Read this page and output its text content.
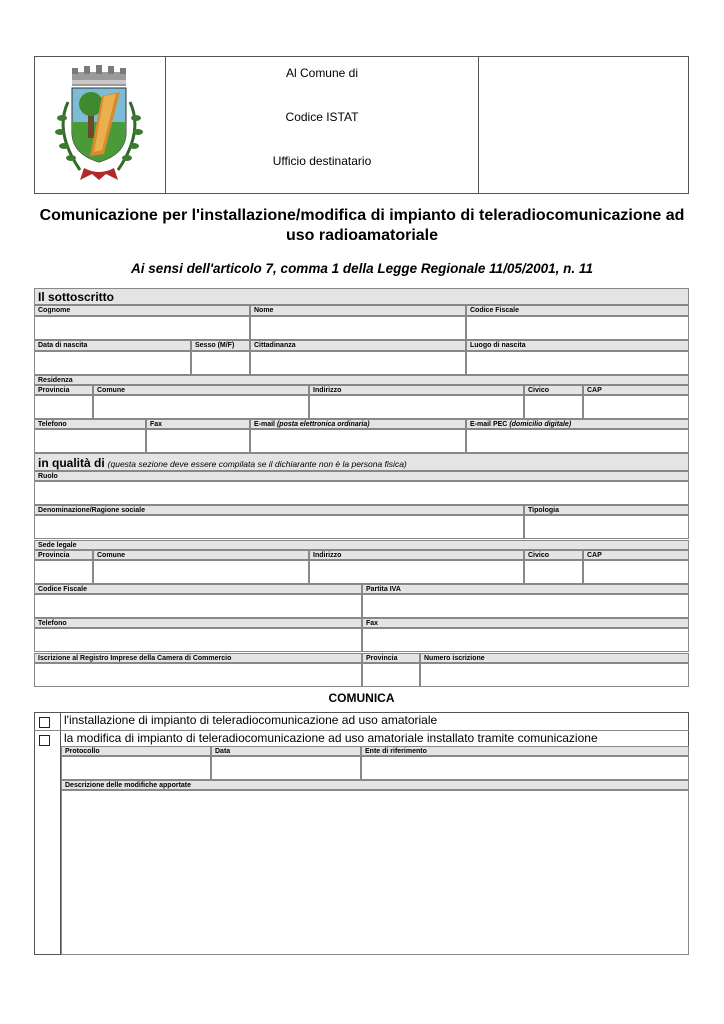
Al Comune di
Codice ISTAT
Ufficio destinatario
Comunicazione per l'installazione/modifica di impianto di teleradiocomunicazione ad uso radioamatoriale
Ai sensi dell'articolo 7, comma 1 della Legge Regionale 11/05/2001, n. 11
Il sottoscritto
Cognome	Nome	Codice Fiscale
Data di nascita	Sesso (M/F)	Cittadinanza	Luogo di nascita
Residenza
Provincia	Comune	Indirizzo	Civico	CAP
Telefono	Fax	E-mail (posta elettronica ordinaria)	E-mail PEC (domicilio digitale)
in qualità di (questa sezione deve essere compilata se il dichiarante non è la persona fisica)
Ruolo
Denominazione/Ragione sociale	Tipologia
Sede legale
Provincia	Comune	Indirizzo	Civico	CAP
Codice Fiscale	Partita IVA
Telefono	Fax
Iscrizione al Registro Imprese della Camera di Commercio	Provincia	Numero iscrizione
COMUNICA
l'installazione di impianto di teleradiocomunicazione ad uso amatoriale
la modifica di impianto di teleradiocomunicazione ad uso amatoriale installato tramite comunicazione
Protocollo	Data	Ente di riferimento
Descrizione delle modifiche apportate
